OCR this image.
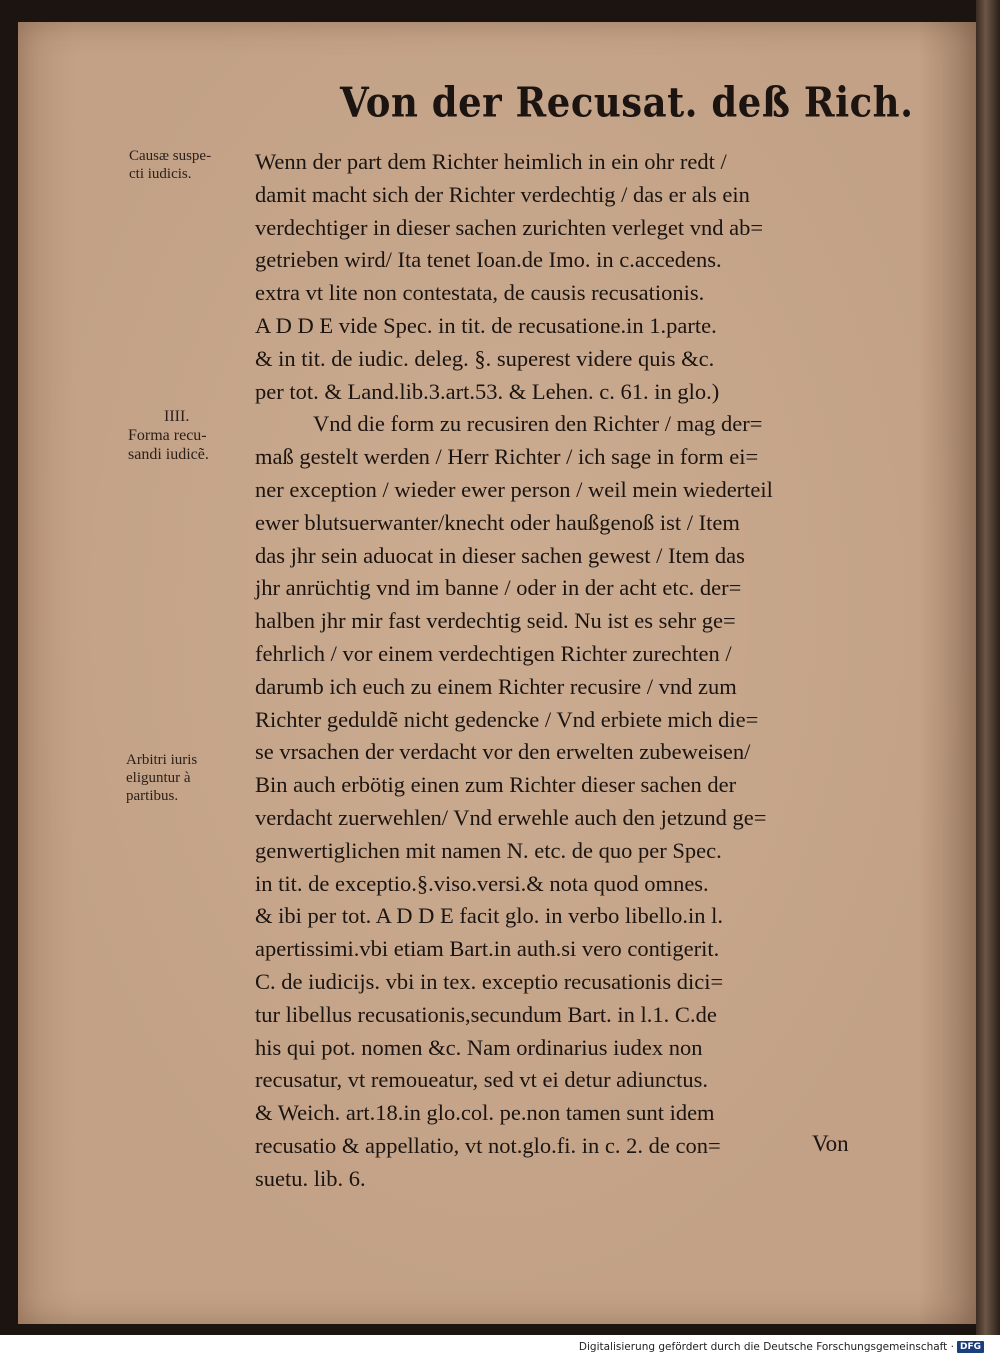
Von der Recusat. deß Rich.
Causæ suspe-
cti iudicis.
IIII.
Forma recu-
sandi iudicẽ.
Arbitri iuris
eliguntur à
partibus.
Wenn der part dem Richter heimlich in ein ohr redt /
damit macht sich der Richter verdechtig / das er als ein
verdechtiger in dieser sachen zurichten verleget vnd ab=
getrieben wird/ Ita tenet Ioan.de Imo. in c.accedens.
extra vt lite non contestata, de causis recusationis.
A D D E vide Spec. in tit. de recusatione.in 1.parte.
& in tit. de iudic. deleg. §. superest videre quis &c.
per tot. & Land.lib.3.art.53. & Lehen. c. 61. in glo.)
Vnd die form zu recusiren den Richter / mag der=
maß gestelt werden / Herr Richter / ich sage in form ei=
ner exception / wieder ewer person / weil mein wiederteil
ewer blutsuerwanter/knecht oder haußgenoß ist / Item
das jhr sein aduocat in dieser sachen gewest / Item das
jhr anrüchtig vnd im banne / oder in der acht etc. der=
halben jhr mir fast verdechtig seid. Nu ist es sehr ge=
fehrlich / vor einem verdechtigen Richter zurechten /
darumb ich euch zu einem Richter recusire / vnd zum
Richter geduldẽ nicht gedencke / Vnd erbiete mich die=
se vrsachen der verdacht vor den erwelten zubeweisen/
Bin auch erbötig einen zum Richter dieser sachen der
verdacht zuerwehlen/ Vnd erwehle auch den jetzund ge=
genwertiglichen mit namen N. etc. de quo per Spec.
in tit. de exceptio.§.viso.versi.& nota quod omnes.
& ibi per tot. A D D E facit glo. in verbo libello.in l.
apertissimi.vbi etiam Bart.in auth.si vero contigerit.
C. de iudicijs. vbi in tex. exceptio recusationis dici=
tur libellus recusationis,secundum Bart. in l.1. C.de
his qui pot. nomen &c. Nam ordinarius iudex non
recusatur, vt remoueatur, sed vt ei detur adiunctus.
& Weich. art.18.in glo.col. pe.non tamen sunt idem
recusatio & appellatio, vt not.glo.fi. in c. 2. de con=
suetu. lib. 6.
Von
Digitalisierung gefördert durch die Deutsche Forschungsgemeinschaft · DFG
